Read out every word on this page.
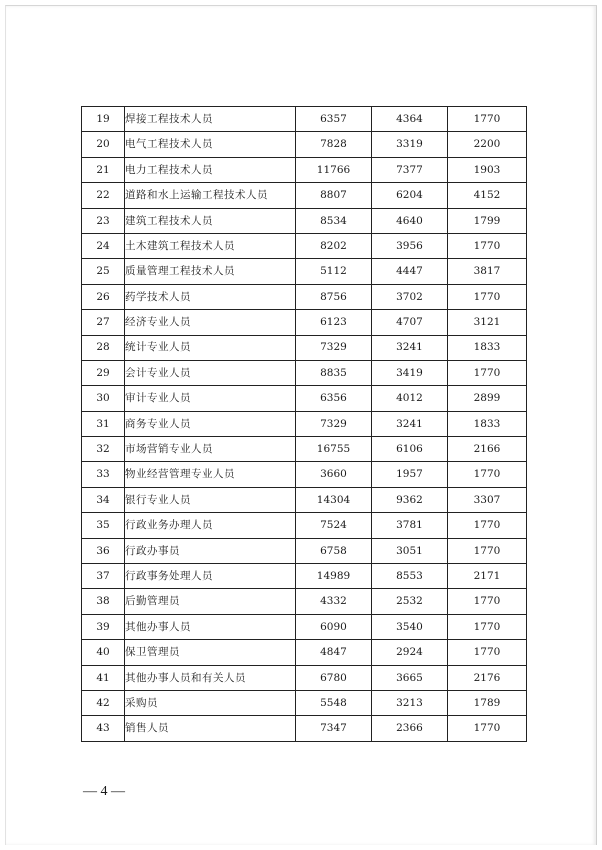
19	焊接工程技术人员	6357	4364	1770
20	电气工程技术人员	7828	3319	2200
21	电力工程技术人员	11766	7377	1903
22	道路和水上运输工程技术人员	8807	6204	4152
23	建筑工程技术人员	8534	4640	1799
24	土木建筑工程技术人员	8202	3956	1770
25	质量管理工程技术人员	5112	4447	3817
26	药学技术人员	8756	3702	1770
27	经济专业人员	6123	4707	3121
28	统计专业人员	7329	3241	1833
29	会计专业人员	8835	3419	1770
30	审计专业人员	6356	4012	2899
31	商务专业人员	7329	3241	1833
32	市场营销专业人员	16755	6106	2166
33	物业经营管理专业人员	3660	1957	1770
34	银行专业人员	14304	9362	3307
35	行政业务办理人员	7524	3781	1770
36	行政办事员	6758	3051	1770
37	行政事务处理人员	14989	8553	2171
38	后勤管理员	4332	2532	1770
39	其他办事人员	6090	3540	1770
40	保卫管理员	4847	2924	1770
41	其他办事人员和有关人员	6780	3665	2176
42	采购员	5548	3213	1789
43	销售人员	7347	2366	1770
— 4 —
